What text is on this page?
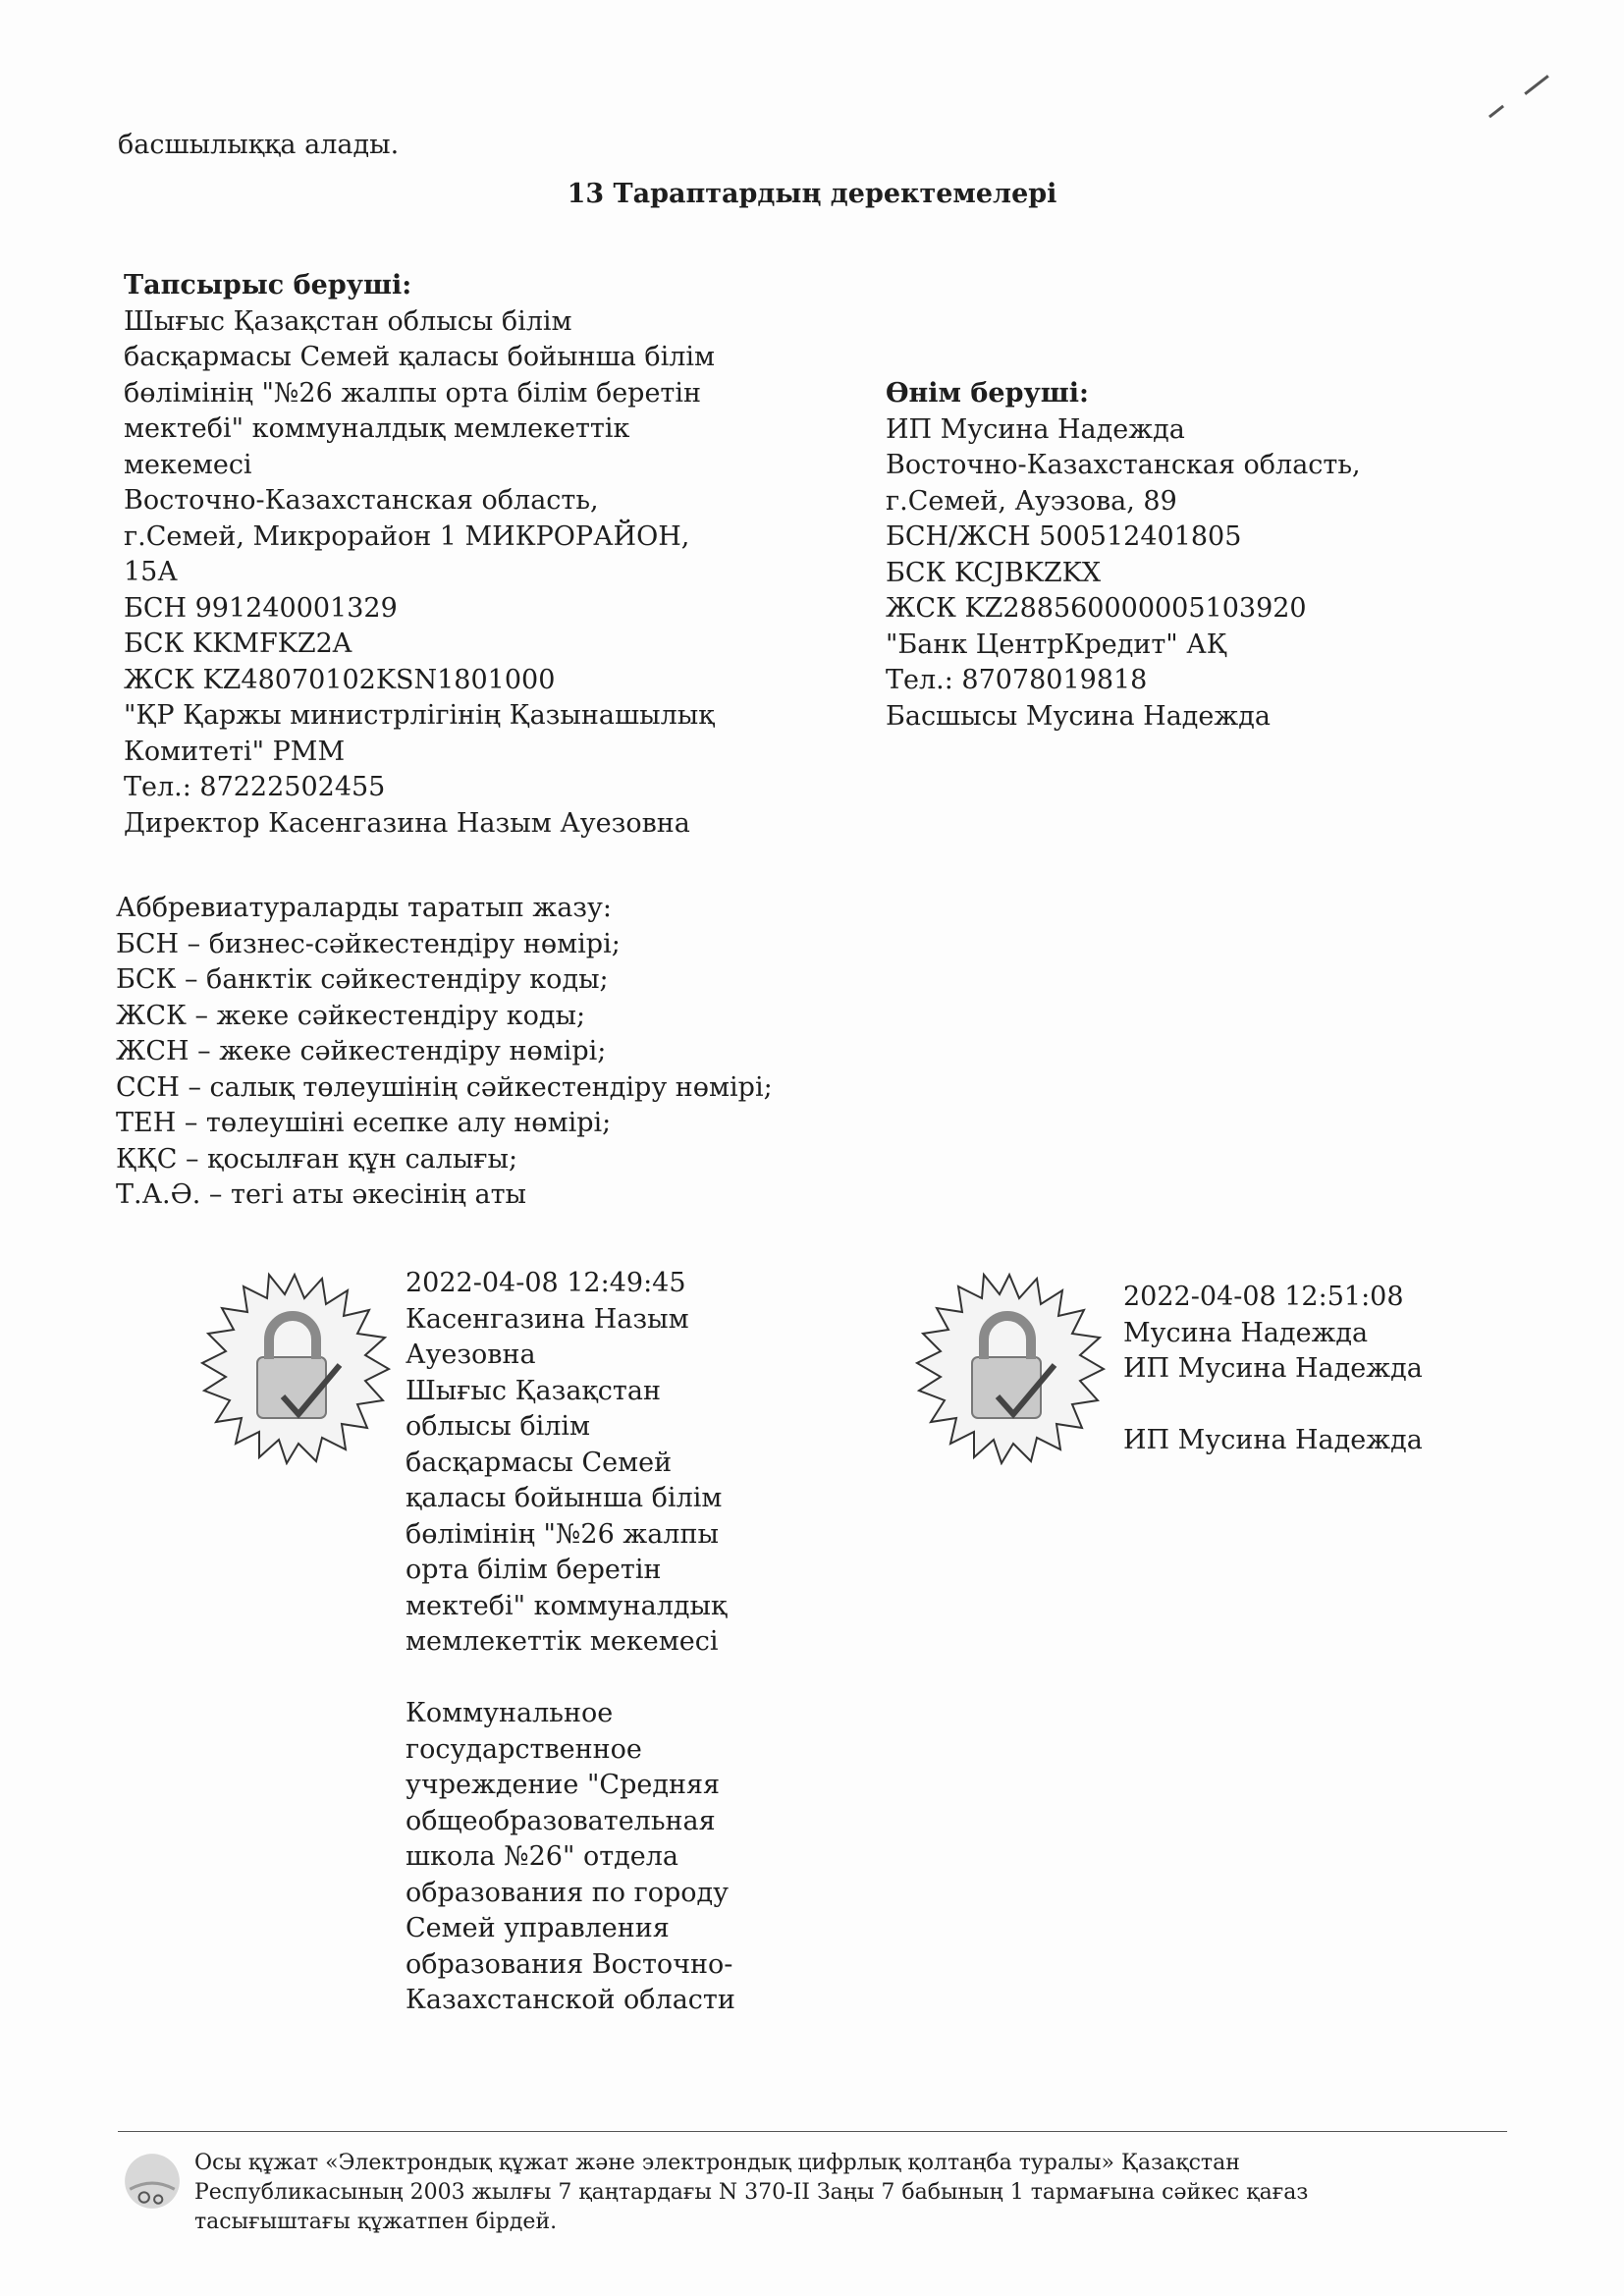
басшылыққа алады.
13 Тараптардың деректемелері
Тапсырыс беруші:
Шығыс Қазақстан облысы білім
басқармасы Семей қаласы бойынша білім
бөлімінің "№26 жалпы орта білім беретін
мектебі" коммуналдық мемлекеттік
мекемесі
Восточно-Казахстанская область,
г.Семей, Микрорайон 1 МИКРОРАЙОН,
15А
БСН 991240001329
БСК KKMFKZ2A
ЖСК KZ48070102KSN1801000
"ҚР Қаржы министрлігінің Қазынашылық
Комитеті" РММ
Тел.: 87222502455
Директор Касенгазина Назым Ауезовна
Өнім беруші:
ИП Мусина Надежда
Восточно-Казахстанская область,
г.Семей, Ауэзова, 89
БСН/ЖСН 500512401805
БСК KCJBKZKX
ЖСК KZ288560000005103920
"Банк ЦентрКредит" АҚ
Тел.: 87078019818
Басшысы Мусина Надежда
Аббревиатураларды таратып жазу:
БСН – бизнес-сәйкестендіру нөмірі;
БСК – банктік сәйкестендіру коды;
ЖСК – жеке сәйкестендіру коды;
ЖСН – жеке сәйкестендіру нөмірі;
ССН – салық төлеушінің сәйкестендіру нөмірі;
ТЕН – төлеушіні есепке алу нөмірі;
ҚҚС – қосылған құн салығы;
Т.А.Ә. – тегі аты әкесінің аты
2022-04-08 12:49:45
Касенгазина Назым
Ауезовна
Шығыс Қазақстан
облысы білім
басқармасы Семей
қаласы бойынша білім
бөлімінің "№26 жалпы
орта білім беретін
мектебі" коммуналдық
мемлекеттік мекемесі

Коммунальное
государственное
учреждение "Средняя
общеобразовательная
школа №26" отдела
образования по городу
Семей управления
образования Восточно-
Казахстанской области
2022-04-08 12:51:08
Мусина Надежда
ИП Мусина Надежда

ИП Мусина Надежда
Осы құжат «Электрондық құжат және электрондық цифрлық қолтаңба туралы» Қазақстан
Республикасының 2003 жылғы 7 қаңтардағы N 370-II Заңы 7 бабының 1 тармағына сәйкес қағаз
тасығыштағы құжатпен бірдей.
